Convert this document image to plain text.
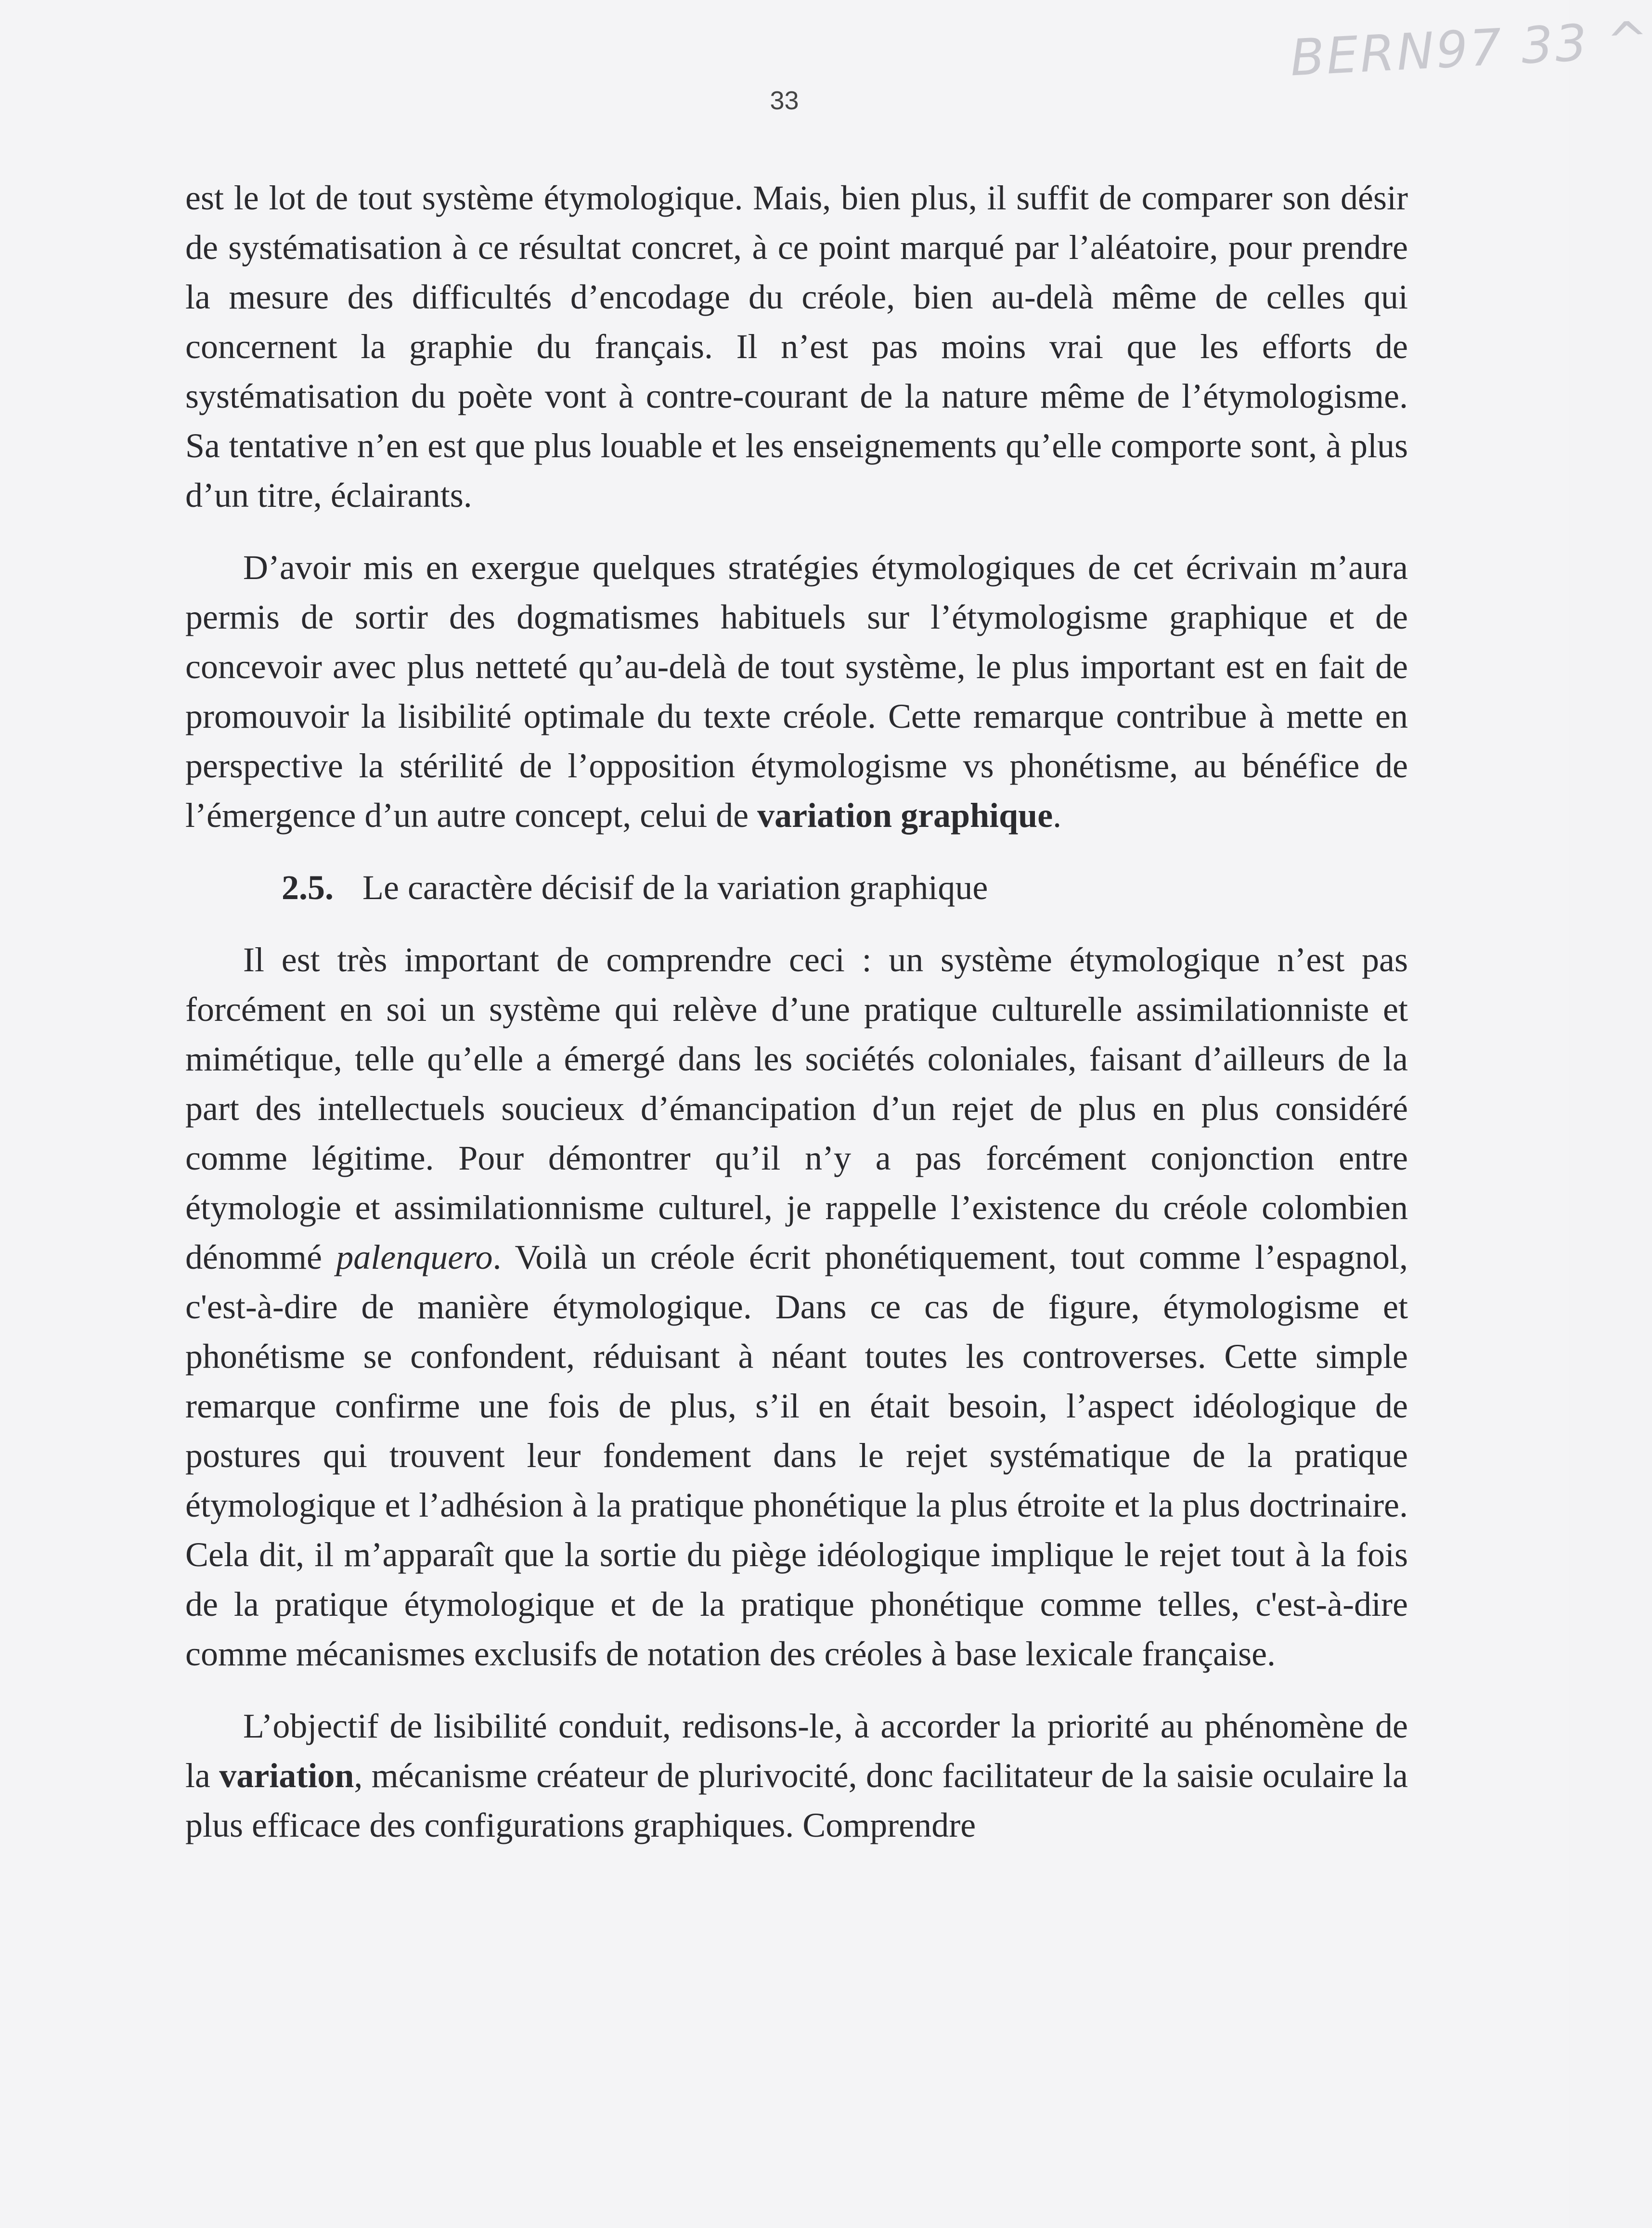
BERN97 33 ^
33

est le lot de tout système étymologique. Mais, bien plus, il suffit de comparer son désir de systématisation à ce résultat concret, à ce point marqué par l’aléatoire, pour prendre la mesure des difficultés d’encodage du créole, bien au-delà même de celles qui concernent la graphie du français. Il n’est pas moins vrai que les efforts de systématisation du poète vont à contre-courant de la nature même de l’étymologisme. Sa tentative n’en est que plus louable et les enseignements qu’elle comporte sont, à plus d’un titre, éclairants.

D’avoir mis en exergue quelques stratégies étymologiques de cet écrivain m’aura permis de sortir des dogmatismes habituels sur l’étymologisme graphique et de concevoir avec plus netteté qu’au-delà de tout système, le plus important est en fait de promouvoir la lisibilité optimale du texte créole. Cette remarque contribue à mette en perspective la stérilité de l’opposition étymologisme vs phonétisme, au bénéfice de l’émergence d’un autre concept, celui de variation graphique.

2.5. Le caractère décisif de la variation graphique

Il est très important de comprendre ceci : un système étymologique n’est pas forcément en soi un système qui relève d’une pratique culturelle assimilationniste et mimétique, telle qu’elle a émergé dans les sociétés coloniales, faisant d’ailleurs de la part des intellectuels soucieux d’émancipation d’un rejet de plus en plus considéré comme légitime. Pour démontrer qu’il n’y a pas forcément conjonction entre étymologie et assimilationnisme culturel, je rappelle l’existence du créole colombien dénommé palenquero. Voilà un créole écrit phonétiquement, tout comme l’espagnol, c'est-à-dire de manière étymologique. Dans ce cas de figure, étymologisme et phonétisme se confondent, réduisant à néant toutes les controverses. Cette simple remarque confirme une fois de plus, s’il en était besoin, l’aspect idéologique de postures qui trouvent leur fondement dans le rejet systématique de la pratique étymologique et l’adhésion à la pratique phonétique la plus étroite et la plus doctrinaire. Cela dit, il m’apparaît que la sortie du piège idéologique implique le rejet tout à la fois de la pratique étymologique et de la pratique phonétique comme telles, c'est-à-dire comme mécanismes exclusifs de notation des créoles à base lexicale française.

L’objectif de lisibilité conduit, redisons-le, à accorder la priorité au phénomène de la variation, mécanisme créateur de plurivocité, donc facilitateur de la saisie oculaire la plus efficace des configurations graphiques. Comprendre
